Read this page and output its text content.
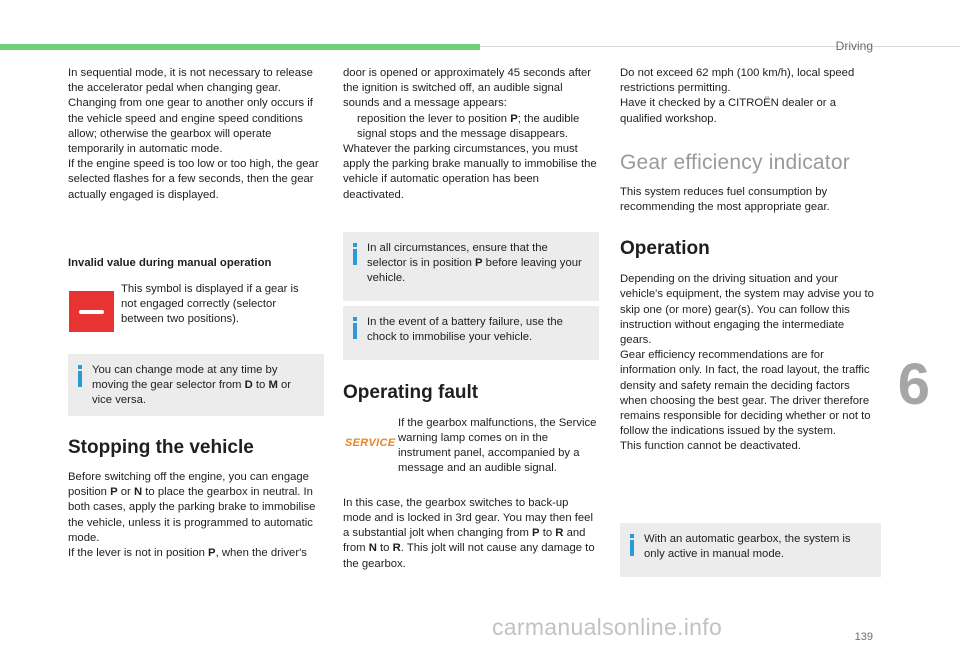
Driving
6
139

In sequential mode, it is not necessary to release the accelerator pedal when changing gear.

Changing from one gear to another only occurs if the vehicle speed and engine speed conditions allow; otherwise the gearbox will operate temporarily in automatic mode.

If the engine speed is too low or too high, the gear selected flashes for a few seconds, then the gear actually engaged is displayed.

Invalid value during manual operation

This symbol is displayed if a gear is not engaged correctly (selector between two positions).

You can change mode at any time by moving the gear selector from D to M or vice versa.

Stopping the vehicle

Before switching off the engine, you can engage position P or N to place the gearbox in neutral. In both cases, apply the parking brake to immobilise the vehicle, unless it is programmed to automatic mode.

If the lever is not in position P, when the driver's

door is opened or approximately 45 seconds after the ignition is switched off, an audible signal sounds and a message appears:

reposition the lever to position P; the audible signal stops and the message disappears.

Whatever the parking circumstances, you must apply the parking brake manually to immobilise the vehicle if automatic operation has been deactivated.

In all circumstances, ensure that the selector is in position P before leaving your vehicle.

In the event of a battery failure, use the chock to immobilise your vehicle.

Operating fault
SERVICE

If the gearbox malfunctions, the Service warning lamp comes on in the instrument panel, accompanied by a message and an audible signal.

In this case, the gearbox switches to back-up mode and is locked in 3rd gear. You may then feel a substantial jolt when changing from P to R and from N to R. This jolt will not cause any damage to the gearbox.

Do not exceed 62 mph (100 km/h), local speed restrictions permitting.

Have it checked by a CITROËN dealer or a qualified workshop.

Gear efficiency indicator

This system reduces fuel consumption by recommending the most appropriate gear.

Operation

Depending on the driving situation and your vehicle's equipment, the system may advise you to skip one (or more) gear(s). You can follow this instruction without engaging the intermediate gears.

Gear efficiency recommendations are for information only. In fact, the road layout, the traffic density and safety remain the deciding factors when choosing the best gear. The driver therefore remains responsible for deciding whether or not to follow the indications issued by the system.

This function cannot be deactivated.

With an automatic gearbox, the system is only active in manual mode.

carmanualsonline.info
